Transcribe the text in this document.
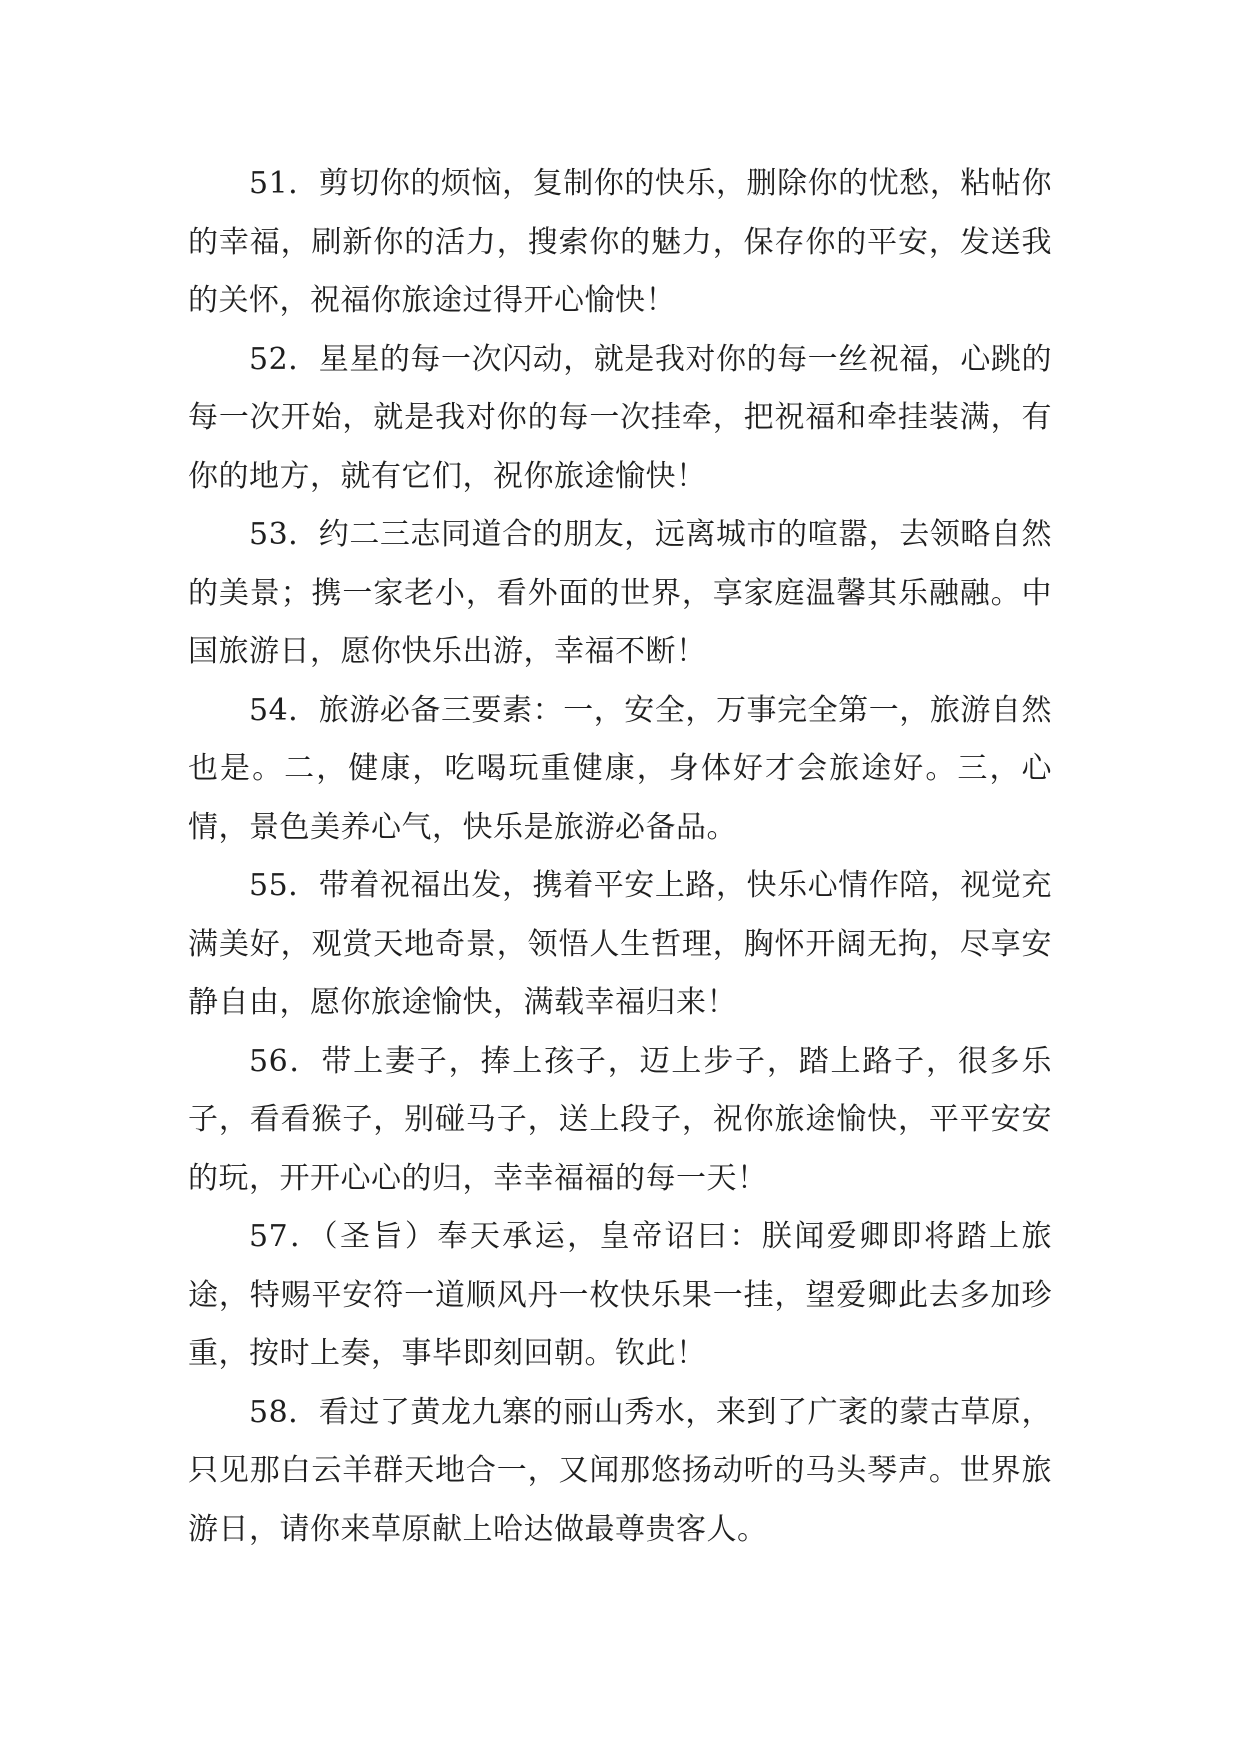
51．剪切你的烦恼，复制你的快乐，删除你的忧愁，粘帖你的幸福，刷新你的活力，搜索你的魅力，保存你的平安，发送我的关怀，祝福你旅途过得开心愉快！

52．星星的每一次闪动，就是我对你的每一丝祝福，心跳的每一次开始，就是我对你的每一次挂牵，把祝福和牵挂装满，有你的地方，就有它们，祝你旅途愉快！

53．约二三志同道合的朋友，远离城市的喧嚣，去领略自然的美景；携一家老小，看外面的世界，享家庭温馨其乐融融。中国旅游日，愿你快乐出游，幸福不断！

54．旅游必备三要素：一，安全，万事完全第一，旅游自然也是。二，健康，吃喝玩重健康，身体好才会旅途好。三，心情，景色美养心气，快乐是旅游必备品。

55．带着祝福出发，携着平安上路，快乐心情作陪，视觉充满美好，观赏天地奇景，领悟人生哲理，胸怀开阔无拘，尽享安静自由，愿你旅途愉快，满载幸福归来！

56．带上妻子，捧上孩子，迈上步子，踏上路子，很多乐子，看看猴子，别碰马子，送上段子，祝你旅途愉快，平平安安的玩，开开心心的归，幸幸福福的每一天！

57．（圣旨）奉天承运，皇帝诏曰：朕闻爱卿即将踏上旅途，特赐平安符一道顺风丹一枚快乐果一挂，望爱卿此去多加珍重，按时上奏，事毕即刻回朝。钦此！

58．看过了黄龙九寨的丽山秀水，来到了广袤的蒙古草原，只见那白云羊群天地合一，又闻那悠扬动听的马头琴声。世界旅游日，请你来草原献上哈达做最尊贵客人。
